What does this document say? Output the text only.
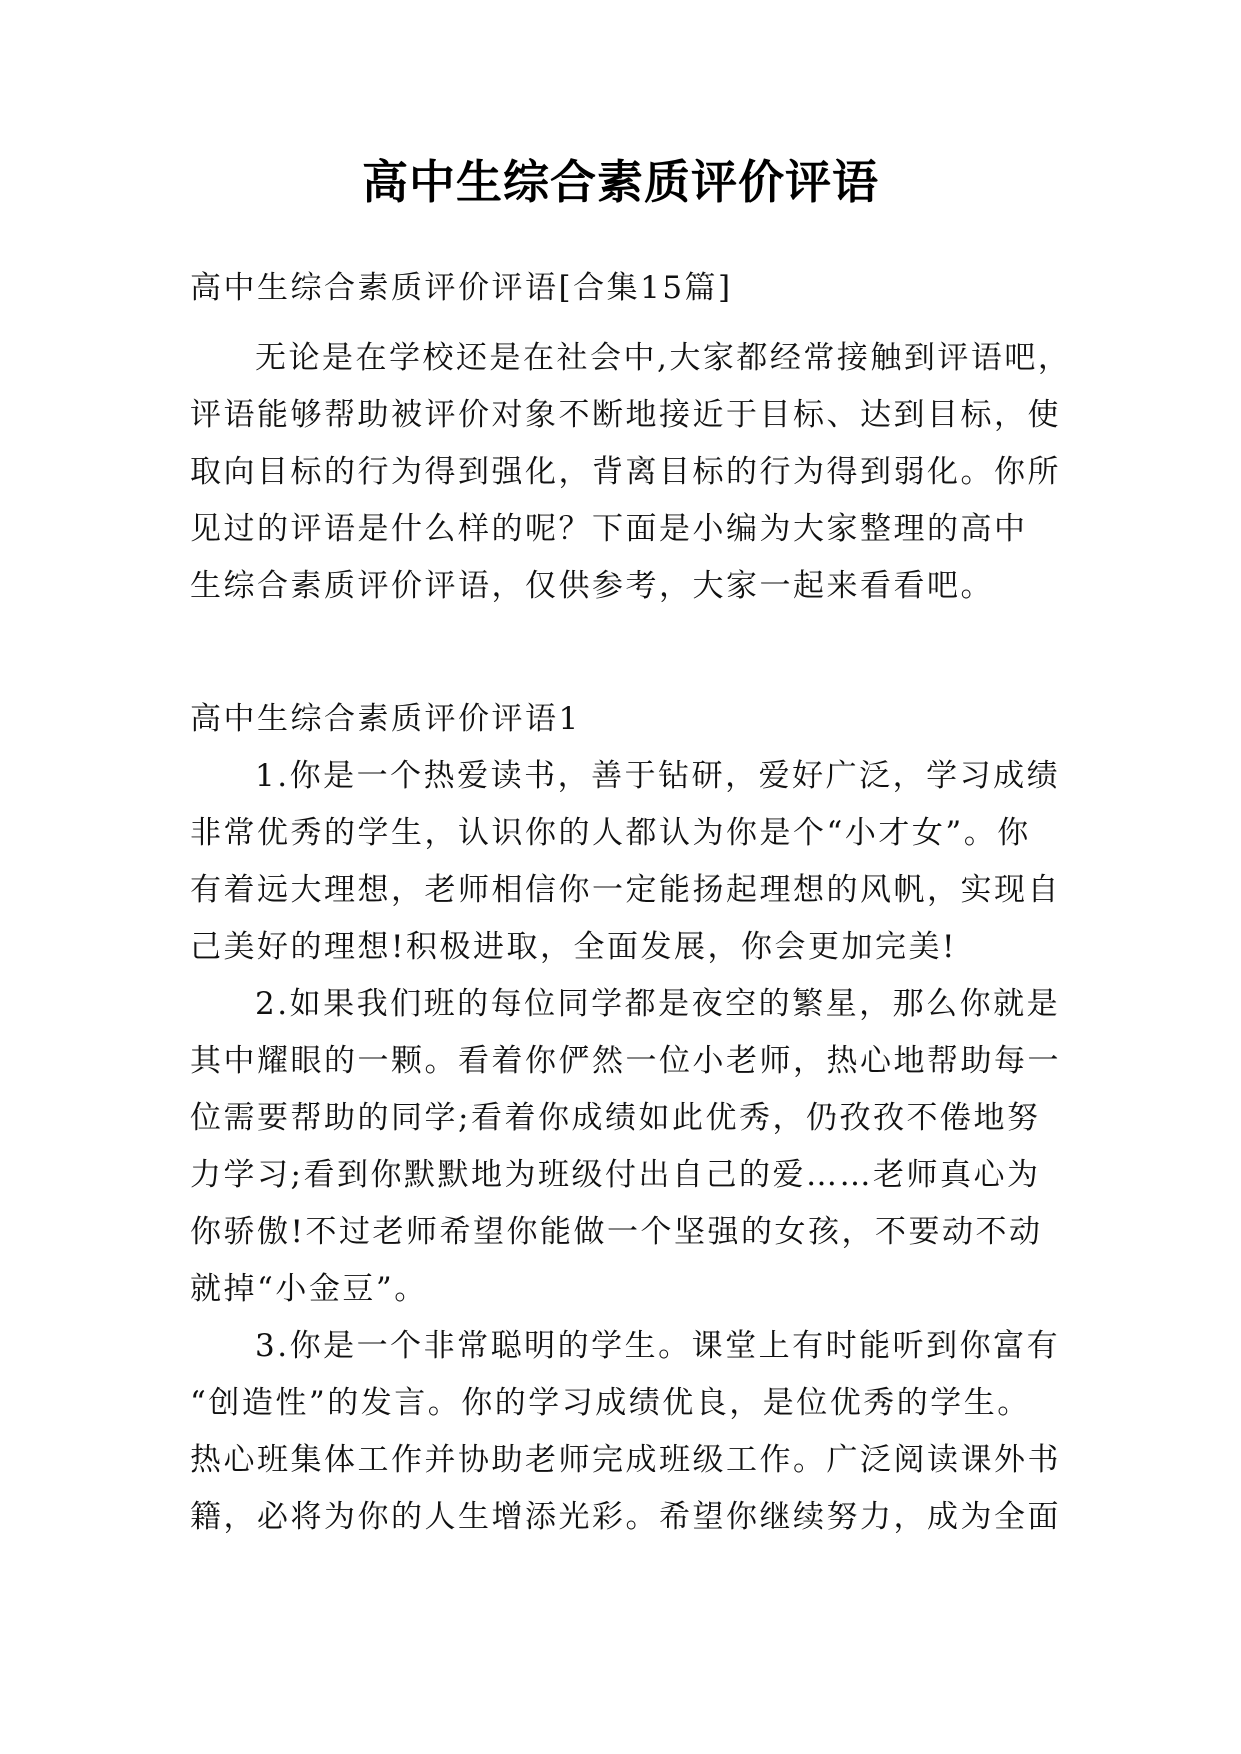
高中生综合素质评价评语
高中生综合素质评价评语[合集15篇]
无论是在学校还是在社会中,大家都经常接触到评语吧，
评语能够帮助被评价对象不断地接近于目标、达到目标，使
取向目标的行为得到强化，背离目标的行为得到弱化。你所
见过的评语是什么样的呢？下面是小编为大家整理的高中
生综合素质评价评语，仅供参考，大家一起来看看吧。
高中生综合素质评价评语1
1.你是一个热爱读书，善于钻研，爱好广泛，学习成绩
非常优秀的学生，认识你的人都认为你是个“小才女”。你
有着远大理想，老师相信你一定能扬起理想的风帆，实现自
己美好的理想!积极进取，全面发展，你会更加完美!
2.如果我们班的每位同学都是夜空的繁星，那么你就是
其中耀眼的一颗。看着你俨然一位小老师，热心地帮助每一
位需要帮助的同学;看着你成绩如此优秀，仍孜孜不倦地努
力学习;看到你默默地为班级付出自己的爱……老师真心为
你骄傲!不过老师希望你能做一个坚强的女孩，不要动不动
就掉“小金豆”。
3.你是一个非常聪明的学生。课堂上有时能听到你富有
“创造性”的发言。你的学习成绩优良，是位优秀的学生。
热心班集体工作并协助老师完成班级工作。广泛阅读课外书
籍，必将为你的人生增添光彩。希望你继续努力，成为全面
